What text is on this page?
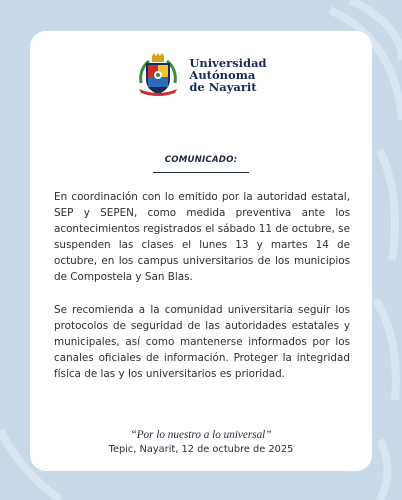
Universidad
Autónoma
de Nayarit
COMUNICADO:

En coordinación con lo emitido por la autoridad estatal, SEP y SEPEN, como medida preventiva ante los acontecimientos registrados el sábado 11 de octubre, se suspenden las clases el lunes 13 y martes 14 de octubre, en los campus universitarios de los municipios de Compostela y San Blas.

Se recomienda a la comunidad universitaria seguir los protocolos de seguridad de las autoridades estatales y municipales, así como mantenerse informados por los canales oficiales de información. Proteger la integridad física de las y los universitarios es prioridad.

“Por lo nuestro a lo universal”
Tepic, Nayarit, 12 de octubre de 2025
